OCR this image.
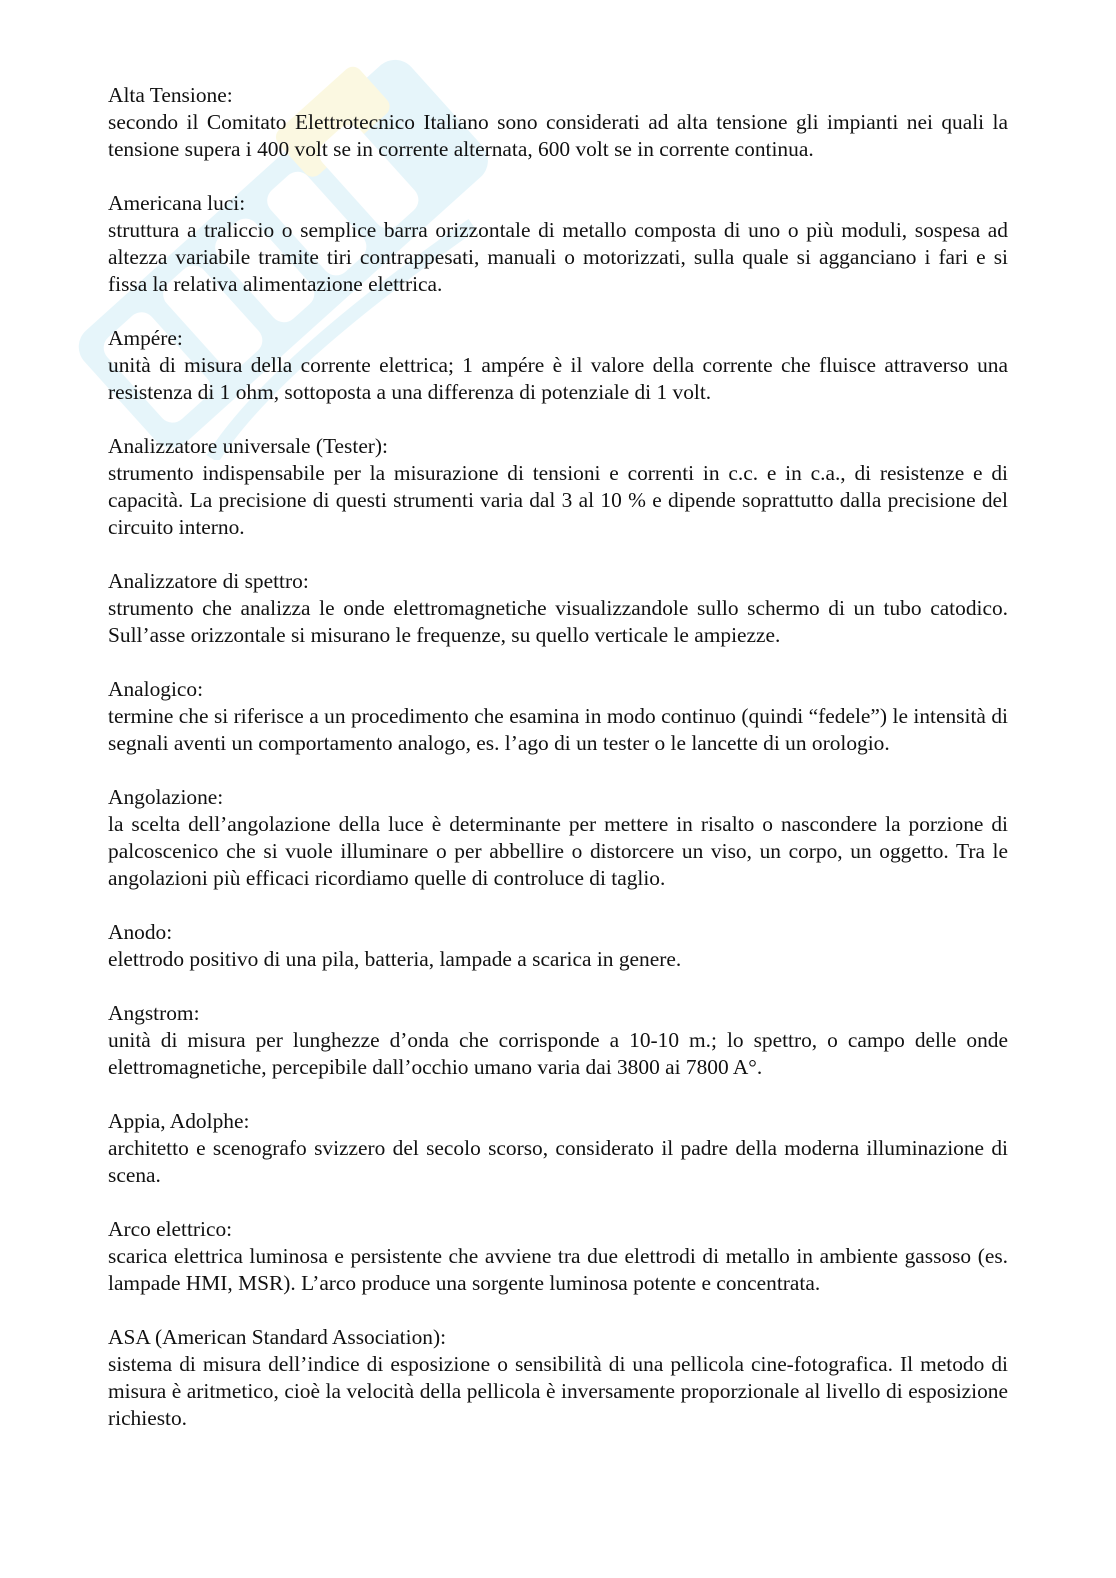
Alta Tensione:

secondo il Comitato Elettrotecnico Italiano sono considerati ad alta tensione gli impianti nei quali la tensione supera i 400 volt se in corrente alternata, 600 volt se in corrente continua.

Americana luci:

struttura a traliccio o semplice barra orizzontale di metallo composta di uno o più moduli, sospesa ad altezza variabile tramite tiri contrappesati, manuali o motorizzati, sulla quale si agganciano i fari e si fissa la relativa alimentazione elettrica.

Ampére:

unità di misura della corrente elettrica; 1 ampére è il valore della corrente che fluisce attraverso una resistenza di 1 ohm, sottoposta a una differenza di potenziale di 1 volt.

Analizzatore universale (Tester):

strumento indispensabile per la misurazione di tensioni e correnti in c.c. e in c.a., di resistenze e di capacità. La precisione di questi strumenti varia dal 3 al 10 % e dipende soprattutto dalla precisione del circuito interno.

Analizzatore di spettro:

strumento che analizza le onde elettromagnetiche visualizzandole sullo schermo di un tubo catodico. Sull’asse orizzontale si misurano le frequenze, su quello verticale le ampiezze.

Analogico:

termine che si riferisce a un procedimento che esamina in modo continuo (quindi “fedele”) le intensità di segnali aventi un comportamento analogo, es. l’ago di un tester o le lancette di un orologio.

Angolazione:

la scelta dell’angolazione della luce è determinante per mettere in risalto o nascondere la porzione di palcoscenico che si vuole illuminare o per abbellire o distorcere un viso, un corpo, un oggetto. Tra le angolazioni più efficaci ricordiamo quelle di controluce di taglio.

Anodo:

elettrodo positivo di una pila, batteria, lampade a scarica in genere.

Angstrom:

unità di misura per lunghezze d’onda che corrisponde a 10-10 m.; lo spettro, o campo delle onde elettromagnetiche, percepibile dall’occhio umano varia dai 3800 ai 7800 A°.

Appia, Adolphe:

architetto e scenografo svizzero del secolo scorso, considerato il padre della moderna illuminazione di scena.

Arco elettrico:

scarica elettrica luminosa e persistente che avviene tra due elettrodi di metallo in ambiente gassoso (es. lampade HMI, MSR). L’arco produce una sorgente luminosa potente e concentrata.

ASA (American Standard Association):

sistema di misura dell’indice di esposizione o sensibilità di una pellicola cine-fotografica. Il metodo di misura è aritmetico, cioè la velocità della pellicola è inversamente proporzionale al livello di esposizione richiesto.
